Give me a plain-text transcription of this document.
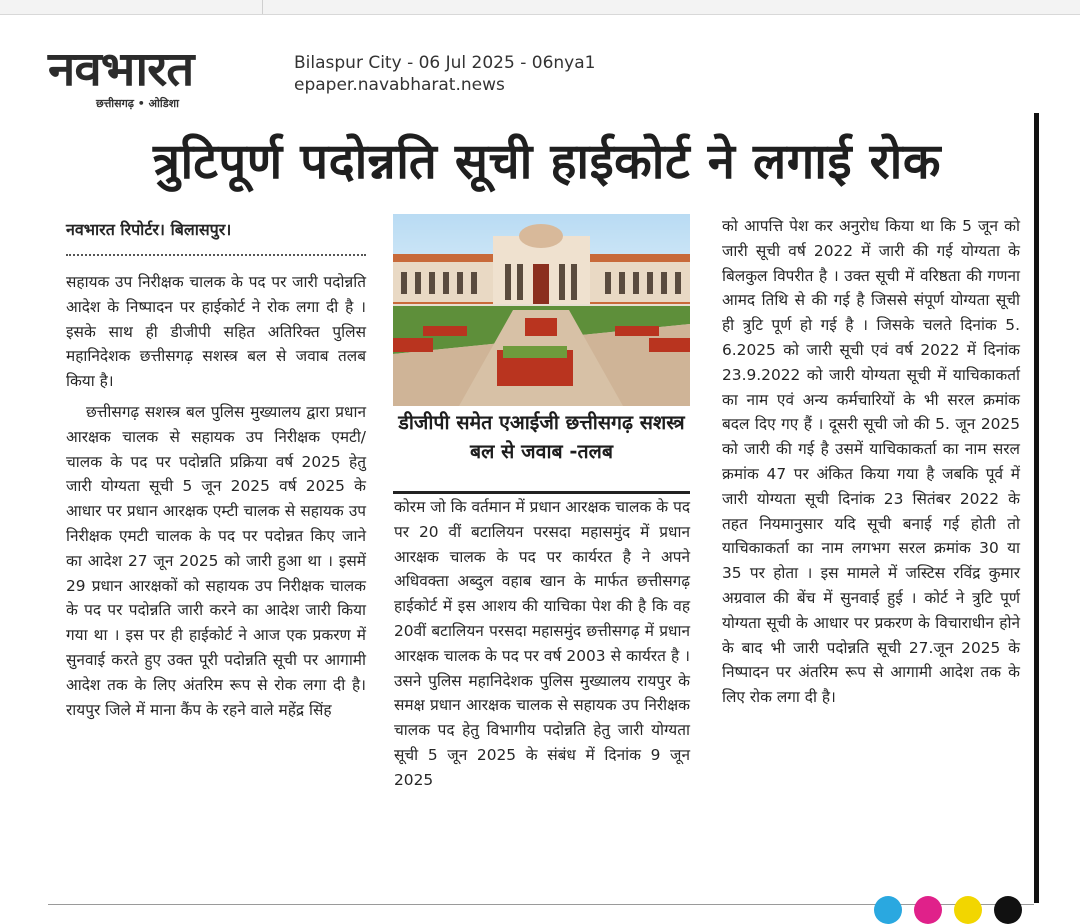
नवभारत
छत्तीसगढ़ • ओडिशा
Bilaspur City - 06 Jul 2025 - 06nya1
epaper.navabharat.news
त्रुटिपूर्ण पदोन्नति सूची हाईकोर्ट ने लगाई रोक

नवभारत रिपोर्टर। बिलासपुर।

सहायक उप निरीक्षक चालक के पद पर जारी पदोन्नति आदेश के निष्पादन पर हाईकोर्ट ने रोक लगा दी है । इसके साथ ही डीजीपी सहित अतिरिक्त पुलिस महानिदेशक छत्तीसगढ़ सशस्त्र बल से जवाब तलब किया है।

छत्तीसगढ़ सशस्त्र बल पुलिस मुख्यालय द्वारा प्रधान आरक्षक चालक से सहायक उप निरीक्षक एमटी/ चालक के पद पर पदोन्नति प्रक्रिया वर्ष 2025 हेतु जारी योग्यता सूची 5 जून 2025 वर्ष 2025 के आधार पर प्रधान आरक्षक एम्टी चालक से सहायक उप निरीक्षक एमटी चालक के पद पर पदोन्नत किए जाने का आदेश 27 जून 2025 को जारी हुआ था । इसमें 29 प्रधान आरक्षकों को सहायक उप निरीक्षक चालक के पद पर पदोन्नति जारी करने का आदेश जारी किया गया था । इस पर ही हाईकोर्ट ने आज एक प्रकरण में सुनवाई करते हुए उक्त पूरी पदोन्नति सूची पर आगामी आदेश तक के लिए अंतरिम रूप से रोक लगा दी है। रायपुर जिले में माना कैंप के रहने वाले महेंद्र सिंह

डीजीपी समेत एआईजी छत्तीसगढ़ सशस्त्र बल से जवाब -तलब

कोरम जो कि वर्तमान में प्रधान आरक्षक चालक के पद पर 20 वीं बटालियन परसदा महासमुंद में प्रधान आरक्षक चालक के पद पर कार्यरत है ने अपने अधिवक्ता अब्दुल वहाब खान के मार्फत छत्तीसगढ़ हाईकोर्ट में इस आशय की याचिका पेश की है कि वह 20वीं बटालियन परसदा महासमुंद छत्तीसगढ़ में प्रधान आरक्षक चालक के पद पर वर्ष 2003 से कार्यरत है । उसने पुलिस महानिदेशक पुलिस मुख्यालय रायपुर के समक्ष प्रधान आरक्षक चालक से सहायक उप निरीक्षक चालक पद हेतु विभागीय पदोन्नति हेतु जारी योग्यता सूची 5 जून 2025 के संबंध में दिनांक 9 जून 2025

को आपत्ति पेश कर अनुरोध किया था कि 5 जून को जारी सूची वर्ष 2022 में जारी की गई योग्यता के बिलकुल विपरीत है । उक्त सूची में वरिष्ठता की गणना आमद तिथि से की गई है जिससे संपूर्ण योग्यता सूची ही त्रुटि पूर्ण हो गई है । जिसके चलते दिनांक 5. 6.2025 को जारी सूची एवं वर्ष 2022 में दिनांक 23.9.2022 को जारी योग्यता सूची में याचिकाकर्ता का नाम एवं अन्य कर्मचारियों के भी सरल क्रमांक बदल दिए गए हैं । दूसरी सूची जो की 5. जून 2025 को जारी की गई है उसमें याचिकाकर्ता का नाम सरल क्रमांक 47 पर अंकित किया गया है जबकि पूर्व में जारी योग्यता सूची दिनांक 23 सितंबर 2022 के तहत नियमानुसार यदि सूची बनाई गई होती तो याचिकाकर्ता का नाम लगभग सरल क्रमांक 30 या 35 पर होता । इस मामले में जस्टिस रविंद्र कुमार अग्रवाल की बेंच में सुनवाई हुई । कोर्ट ने त्रुटि पूर्ण योग्यता सूची के आधार पर प्रकरण के विचाराधीन होने के बाद भी जारी पदोन्नति सूची 27.जून 2025 के निष्पादन पर अंतरिम रूप से आगामी आदेश तक के लिए रोक लगा दी है।
